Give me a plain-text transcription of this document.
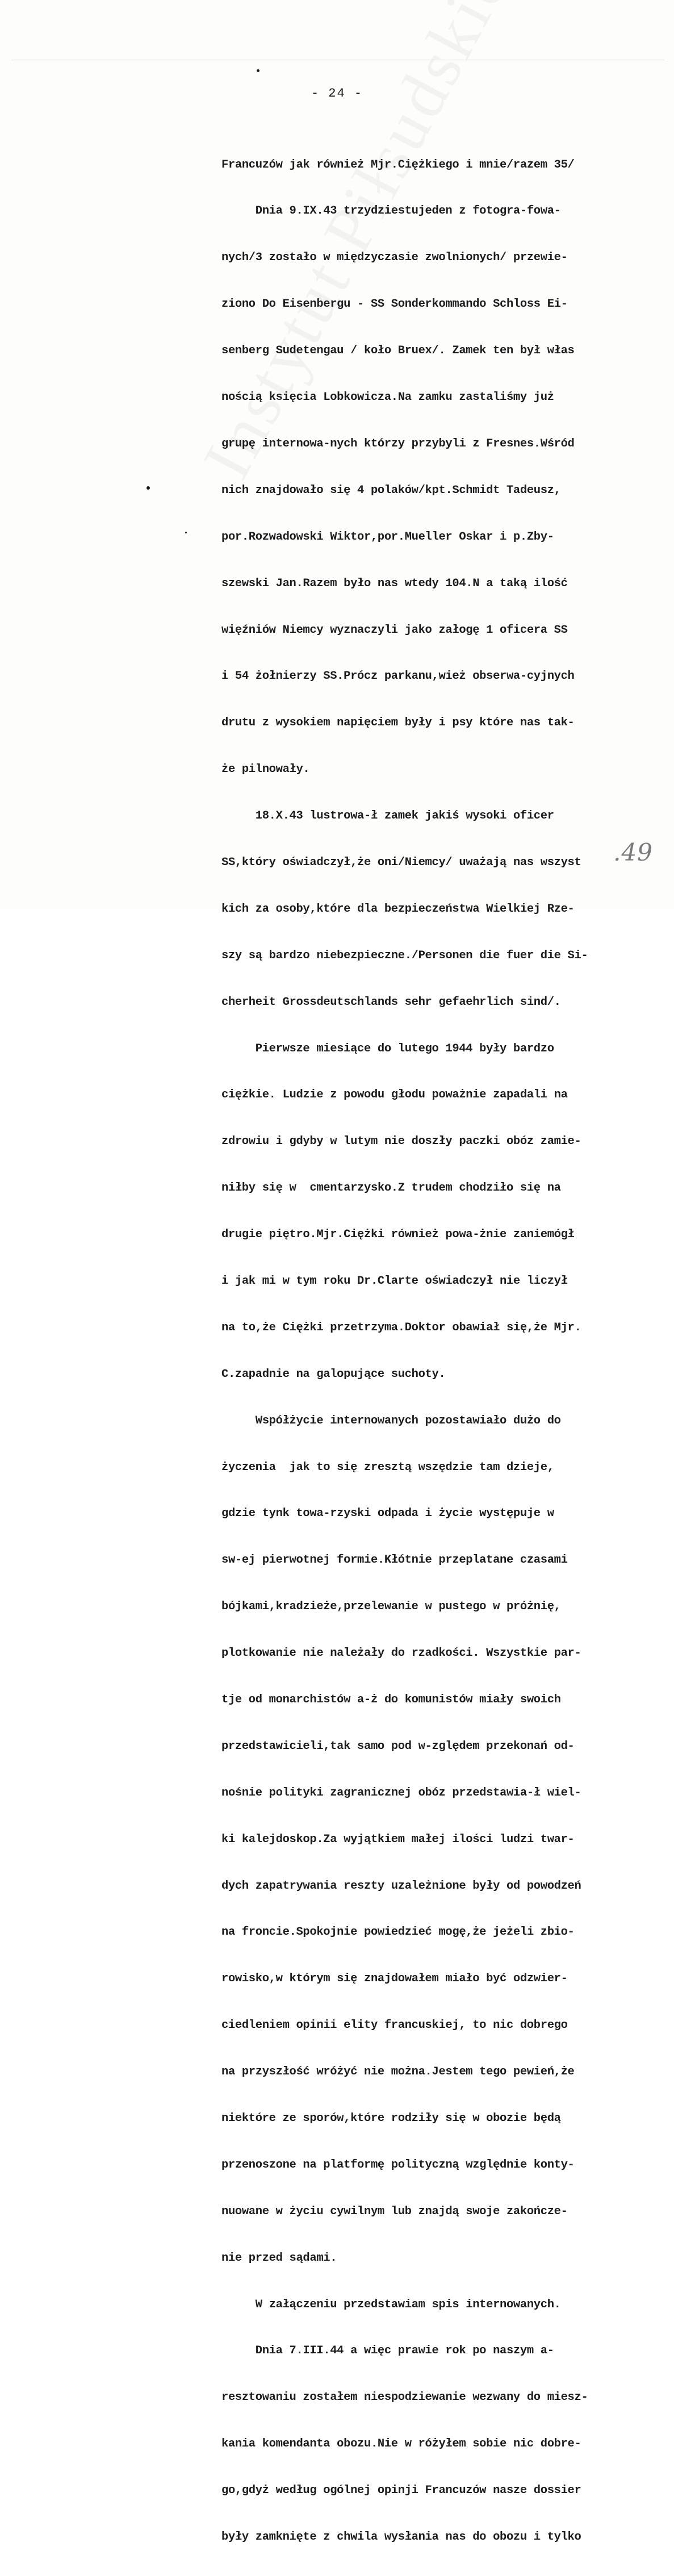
- 24 -

Francuzów jak również Mjr.Ciężkiego i mnie/razem 35/

Dnia 9.IX.43 trzydziestujeden z fotogra-fowa-

nych/3 zostało w międzyczasie zwolnionych/ przewie-

ziono Do Eisenbergu - SS Sonderkommando Schloss Ei-

senberg Sudetengau / koło Bruex/. Zamek ten był włas

nością księcia Lobkowicza.Na zamku zastaliśmy już

grupę internowa-nych którzy przybyli z Fresnes.Wśród

nich znajdowało się 4 polaków/kpt.Schmidt Tadeusz,

por.Rozwadowski Wiktor,por.Mueller Oskar i p.Zby-

szewski Jan.Razem było nas wtedy 104.N a taką ilość

więźniów Niemcy wyznaczyli jako załogę 1 oficera SS

i 54 żołnierzy SS.Prócz parkanu,wież obserwa-cyjnych

drutu z wysokiem napięciem były i psy które nas tak-

że pilnowały.

18.X.43 lustrowa-ł zamek jakiś wysoki oficer

SS,który oświadczył,że oni/Niemcy/ uważają nas wszyst

kich za osoby,które dla bezpieczeństwa Wielkiej Rze-

szy są bardzo niebezpieczne./Personen die fuer die Si-

cherheit Grossdeutschlands sehr gefaehrlich sind/.

Pierwsze miesiące do lutego 1944 były bardzo

ciężkie. Ludzie z powodu głodu poważnie zapadali na

zdrowiu i gdyby w lutym nie doszły paczki obóz zamie-

niłby się w  cmentarzysko.Z trudem chodziło się na

drugie piętro.Mjr.Ciężki również powa-żnie zaniemógł

i jak mi w tym roku Dr.Clarte oświadczył nie liczył

na to,że Ciężki przetrzyma.Doktor obawiał się,że Mjr.

C.zapadnie na galopujące suchoty.

Współżycie internowanych pozostawiało dużo do

życzenia  jak to się zresztą wszędzie tam dzieje,

gdzie tynk towa-rzyski odpada i życie występuje w

sw-ej pierwotnej formie.Kłótnie przeplatane czasami

bójkami,kradzieże,przelewanie w pustego w próżnię,

plotkowanie nie należały do rzadkości. Wszystkie par-

tje od monarchistów a-ż do komunistów miały swoich

przedstawicieli,tak samo pod w-zględem przekonań od-

nośnie polityki zagranicznej obóz przedstawia-ł wiel-

ki kalejdoskop.Za wyjątkiem małej ilości ludzi twar-

dych zapatrywania reszty uzależnione były od powodzeń

na froncie.Spokojnie powiedzieć mogę,że jeżeli zbio-

rowisko,w którym się znajdowałem miało być odzwier-

ciedleniem opinii elity francuskiej, to nic dobrego

na przyszłość wróżyć nie można.Jestem tego pewień,że

niektóre ze sporów,które rodziły się w obozie będą

przenoszone na platformę polityczną względnie konty-

nuowane w życiu cywilnym lub znajdą swoje zakończe-

nie przed sądami.

W załączeniu przedstawiam spis internowanych.

Dnia 7.III.44 a więc prawie rok po naszym a-

resztowaniu zostałem niespodziewanie wezwany do miesz-

kania komendanta obozu.Nie w różyłem sobie nic dobre-

go,gdyż według ogólnej opinji Francuzów nasze dossier

były zamknięte z chwila wysłania nas do obozu i tylko

.49
